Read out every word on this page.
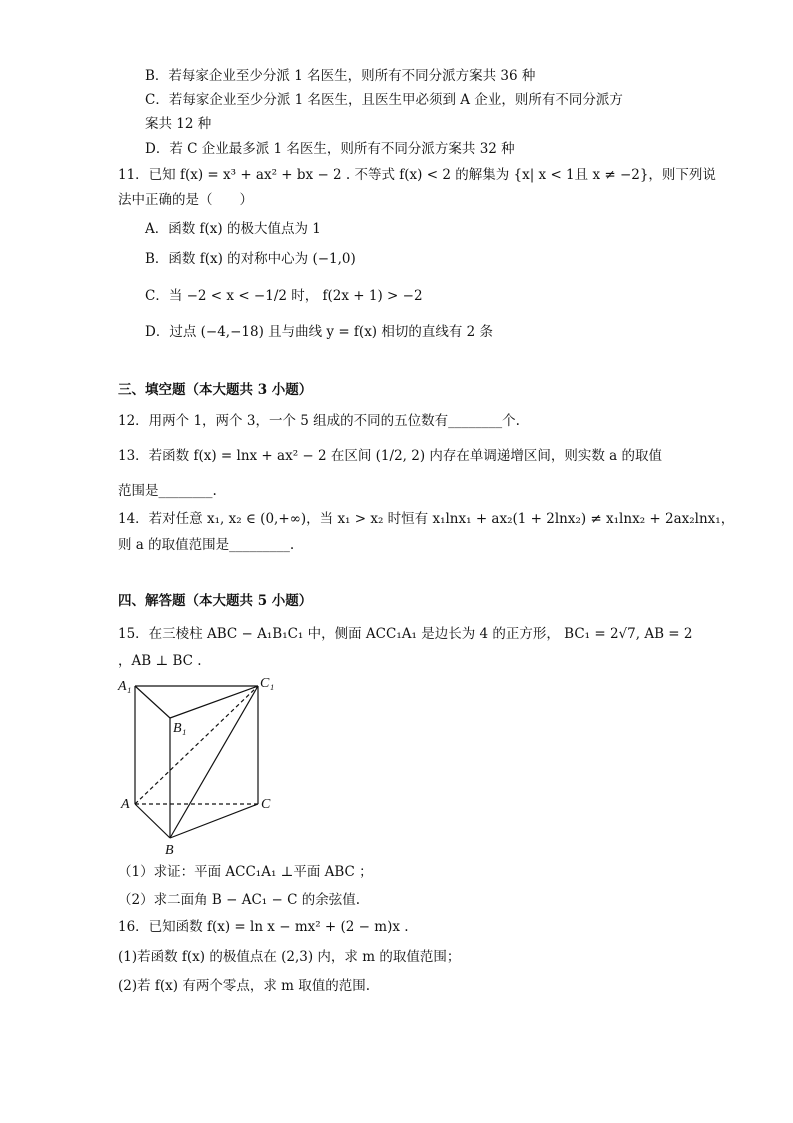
B．若每家企业至少分派 1 名医生，则所有不同分派方案共 36 种
C．若每家企业至少分派 1 名医生，且医生甲必须到 A 企业，则所有不同分派方
案共 12 种
D．若 C 企业最多派 1 名医生，则所有不同分派方案共 32 种
11．已知 f(x) = x³ + ax² + bx − 2 . 不等式 f(x) < 2 的解集为 {x| x < 1且 x ≠ −2}，则下列说
法中正确的是（　　）
A．函数 f(x) 的极大值点为 1
B．函数 f(x) 的对称中心为 (−1,0)
C．当 −2 < x < −1/2 时， f(2x + 1) > −2
D．过点 (−4,−18) 且与曲线 y = f(x) 相切的直线有 2 条
三、填空题（本大题共 3 小题）
12．用两个 1，两个 3，一个 5 组成的不同的五位数有________个.
13．若函数 f(x) = lnx + ax² − 2 在区间 (1/2, 2) 内存在单调递增区间，则实数 a 的取值
范围是________.
14．若对任意 x₁, x₂ ∈ (0,+∞)，当 x₁ > x₂ 时恒有 x₁lnx₁ + ax₂(1 + 2lnx₂) ≠ x₁lnx₂ + 2ax₂lnx₁，
则 a 的取值范围是_________.
四、解答题（本大题共 5 小题）
15．在三棱柱 ABC − A₁B₁C₁ 中，侧面 ACC₁A₁ 是边长为 4 的正方形， BC₁ = 2√7, AB = 2
，AB ⊥ BC .
A₁	C₁
B₁
A	C
B
（1）求证：平面 ACC₁A₁ ⊥平面 ABC ；
（2）求二面角 B − AC₁ − C 的余弦值.
16．已知函数 f(x) = ln x − mx² + (2 − m)x .
(1)若函数 f(x) 的极值点在 (2,3) 内，求 m 的取值范围；
(2)若 f(x) 有两个零点，求 m 取值的范围.
